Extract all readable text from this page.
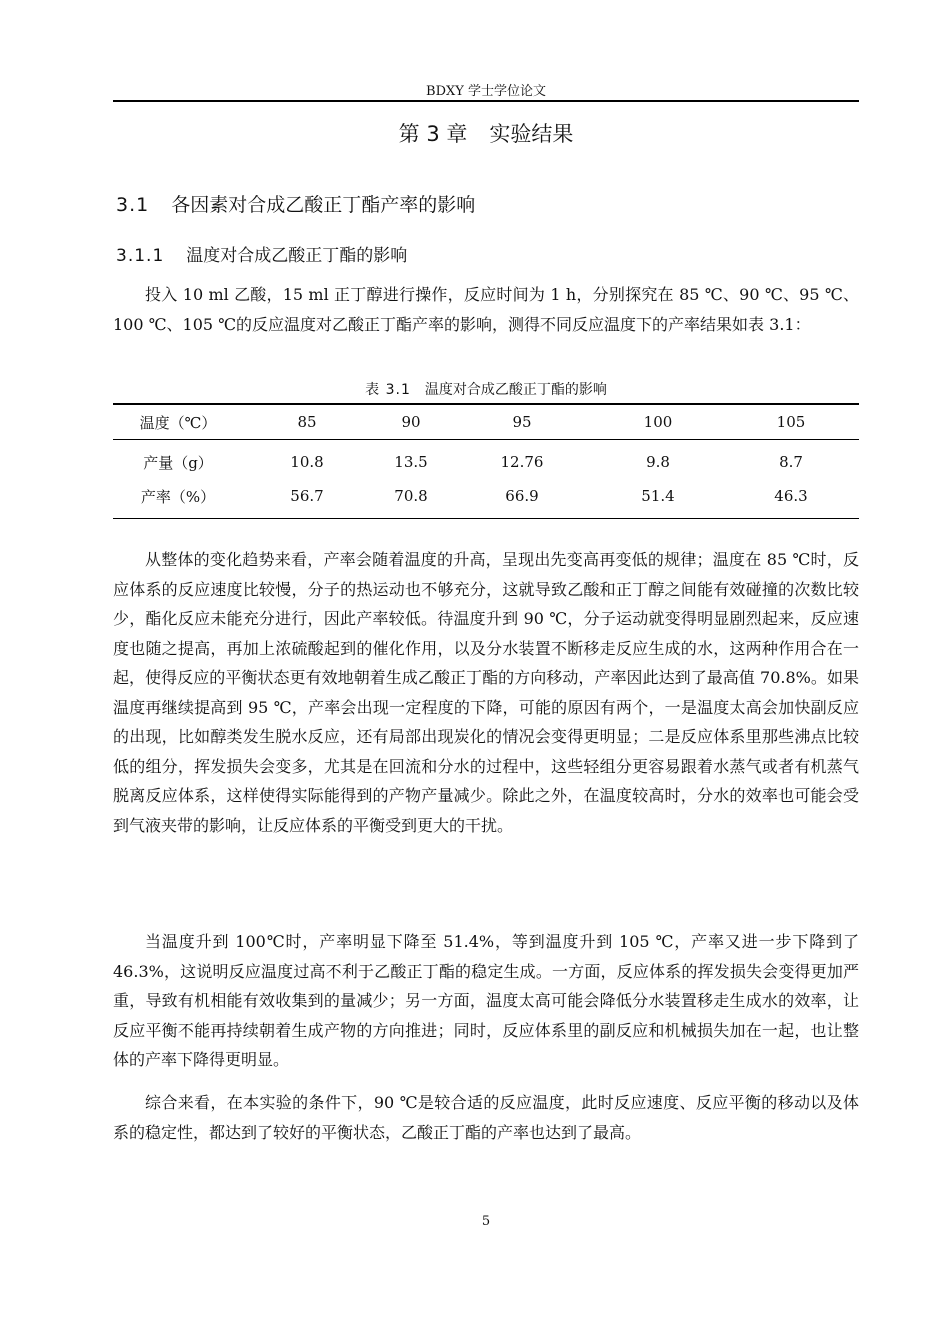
BDXY 学士学位论文
第 3 章 实验结果
3.1 各因素对合成乙酸正丁酯产率的影响
3.1.1 温度对合成乙酸正丁酯的影响

投入 10 ml 乙酸，15 ml 正丁醇进行操作，反应时间为 1 h，分别探究在 85 ℃、90 ℃、95 ℃、100 ℃、105 ℃的反应温度对乙酸正丁酯产率的影响，测得不同反应温度下的产率结果如表 3.1：

表 3.1 温度对合成乙酸正丁酯的影响
温度（℃）	85	90	95	100	105
产量（g）	10.8	13.5	12.76	9.8	8.7
产率（%）	56.7	70.8	66.9	51.4	46.3

从整体的变化趋势来看，产率会随着温度的升高，呈现出先变高再变低的规律；温度在 85 ℃时，反应体系的反应速度比较慢，分子的热运动也不够充分，这就导致乙酸和正丁醇之间能有效碰撞的次数比较少，酯化反应未能充分进行，因此产率较低。待温度升到 90 ℃，分子运动就变得明显剧烈起来，反应速度也随之提高，再加上浓硫酸起到的催化作用，以及分水装置不断移走反应生成的水，这两种作用合在一起，使得反应的平衡状态更有效地朝着生成乙酸正丁酯的方向移动，产率因此达到了最高值 70.8%。如果温度再继续提高到 95 ℃，产率会出现一定程度的下降，可能的原因有两个，一是温度太高会加快副反应的出现，比如醇类发生脱水反应，还有局部出现炭化的情况会变得更明显；二是反应体系里那些沸点比较低的组分，挥发损失会变多，尤其是在回流和分水的过程中，这些轻组分更容易跟着水蒸气或者有机蒸气脱离反应体系，这样使得实际能得到的产物产量减少。除此之外，在温度较高时，分水的效率也可能会受到气液夹带的影响，让反应体系的平衡受到更大的干扰。

当温度升到 100℃时，产率明显下降至 51.4%，等到温度升到 105 ℃，产率又进一步下降到了 46.3%，这说明反应温度过高不利于乙酸正丁酯的稳定生成。一方面，反应体系的挥发损失会变得更加严重，导致有机相能有效收集到的量减少；另一方面，温度太高可能会降低分水装置移走生成水的效率，让反应平衡不能再持续朝着生成产物的方向推进；同时，反应体系里的副反应和机械损失加在一起，也让整体的产率下降得更明显。

综合来看，在本实验的条件下，90 ℃是较合适的反应温度，此时反应速度、反应平衡的移动以及体系的稳定性，都达到了较好的平衡状态，乙酸正丁酯的产率也达到了最高。

5
